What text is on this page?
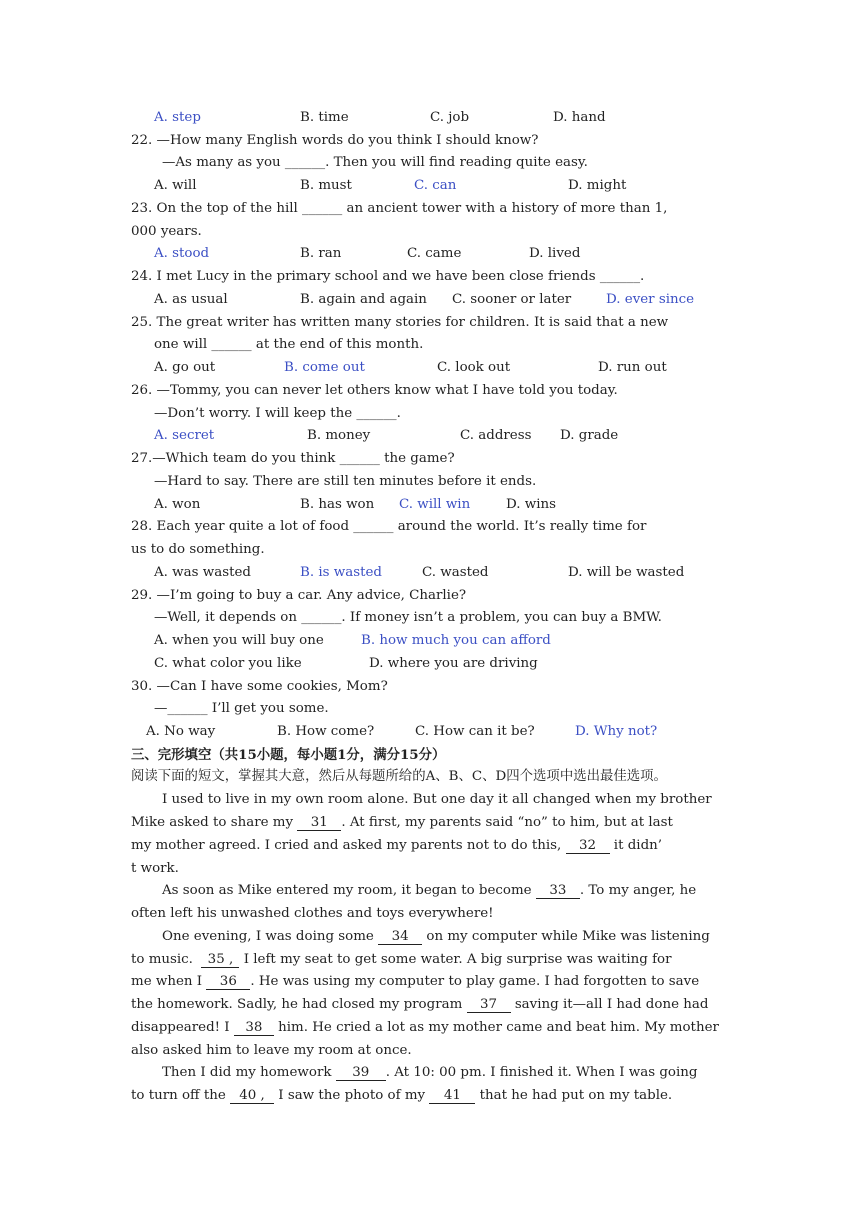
A. step	B. time	C. job	D. hand
22. —How many English words do you think I should know?
—As many as you ______. Then you will find reading quite easy.
A. will	B. must	C. can	D. might
23. On the top of the hill ______ an ancient tower with a history of more than 1,
000 years.
A. stood	B. ran	C. came	D. lived
24. I met Lucy in the primary school and we have been close friends ______.
A. as usual	B. again and again C. sooner or later	D. ever since
25. The great writer has written many stories for children. It is said that a new
one will ______ at the end of this month.
A. go out	B. come out	C. look out	D. run out
26. —Tommy, you can never let others know what I have told you today.
—Don’t worry. I will keep the ______.
A. secret	B. money	C. address D. grade
27.—Which team do you think ______ the game?
—Hard to say. There are still ten minutes before it ends.
A. won	B. has won C. will win	D. wins
28. Each year quite a lot of food ______ around the world. It’s really time for
us to do something.
A. was wasted	B. is wasted	C. wasted	D. will be wasted
29. —I’m going to buy a car. Any advice, Charlie?
—Well, it depends on ______. If money isn’t a problem, you can buy a BMW.
A. when you will buy one	B. how much you can afford
C. what color you like	D. where you are driving
30. —Can I have some cookies, Mom?
—______ I’ll get you some.
A. No way	B. How come?	C. How can it be?	D. Why not?
三、完形填空（共15小题，每小题1分，满分15分）
阅读下面的短文，掌握其大意，然后从每题所给的A、B、C、D四个选项中选出最佳选项。
I used to live in my own room alone. But one day it all changed when my brother
Mike asked to share my 31 . At first, my parents said “no” to him, but at last
my mother agreed. I cried and asked my parents not to do this, 32 it didn’
t work.
As soon as Mike entered my room, it began to become 33 . To my anger, he
often left his unwashed clothes and toys everywhere!
One evening, I was doing some 34 on my computer while Mike was listening
to music. 35 , I left my seat to get some water. A big surprise was waiting for
me when I 36 . He was using my computer to play game. I had forgotten to save
the homework. Sadly, he had closed my program 37 saving it—all I had done had
disappeared! I 38 him. He cried a lot as my mother came and beat him. My mother
also asked him to leave my room at once.
Then I did my homework 39 . At 10: 00 pm. I finished it. When I was going
to turn off the 40 , I saw the photo of my 41 that he had put on my table.
